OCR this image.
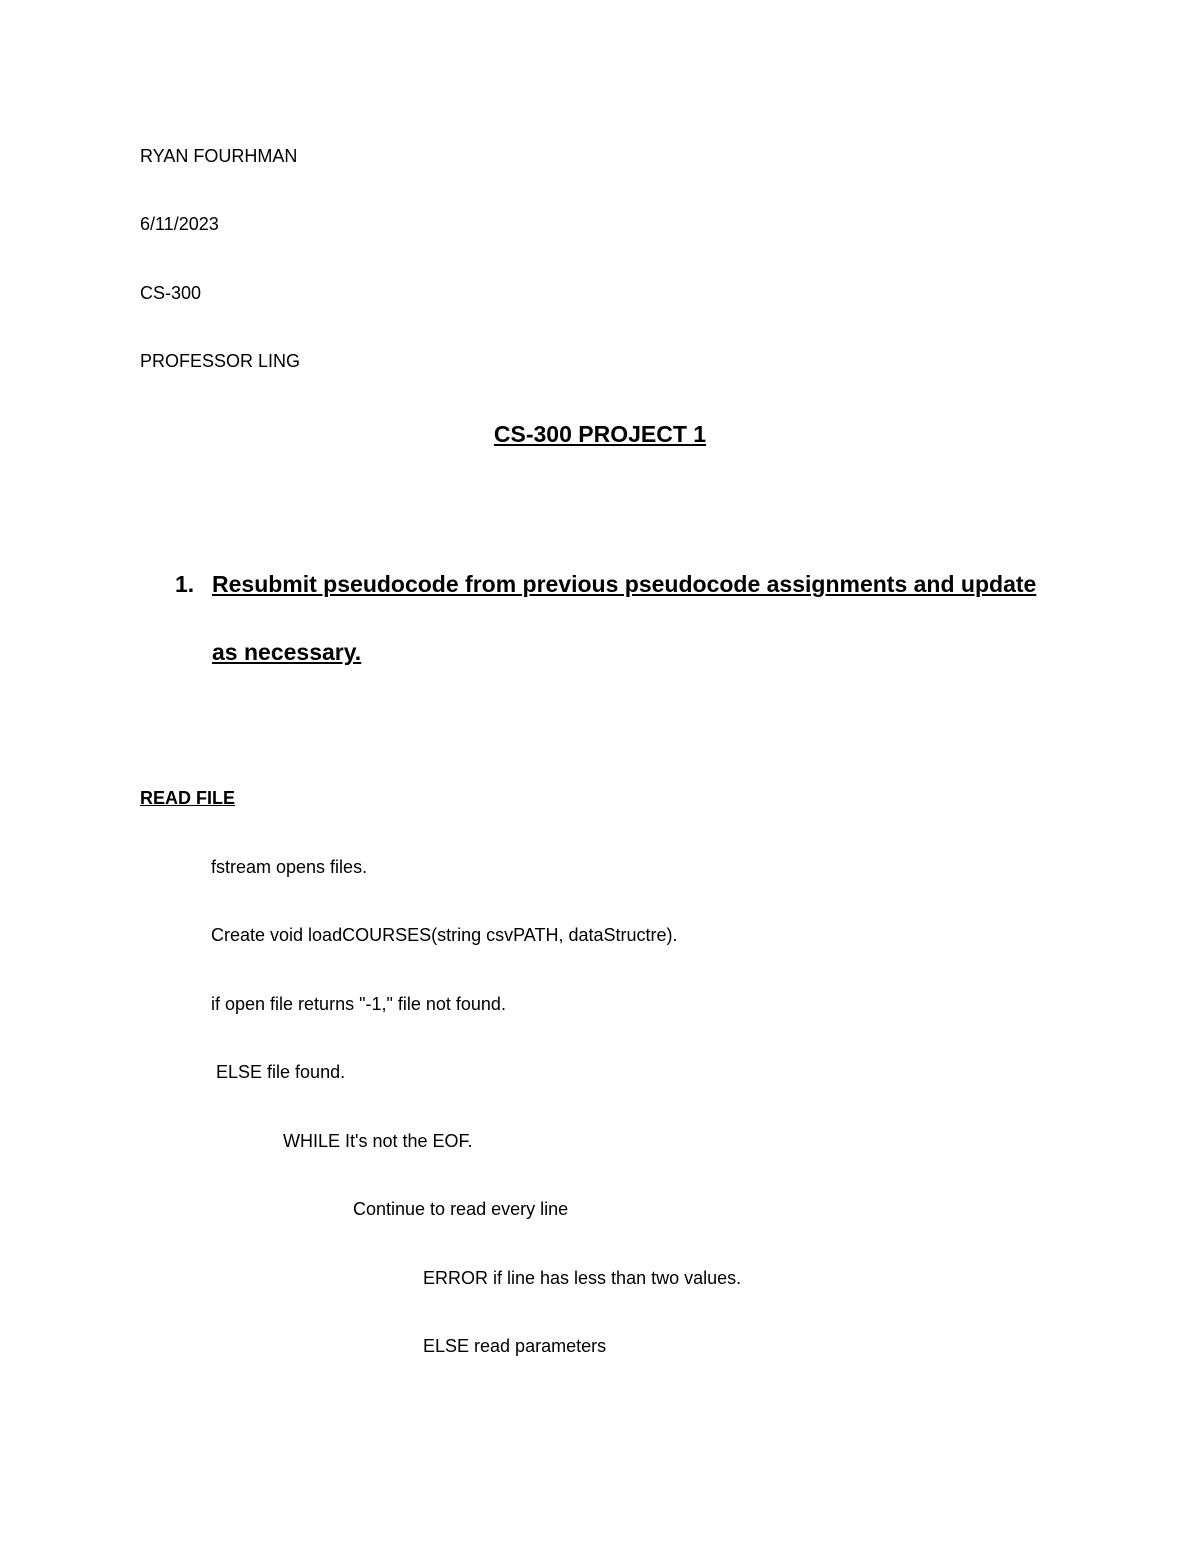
RYAN FOURHMAN
6/11/2023
CS-300
PROFESSOR LING
CS-300 PROJECT 1
1. Resubmit pseudocode from previous pseudocode assignments and update
as necessary.
READ FILE
fstream opens files.
Create void loadCOURSES(string csvPATH, dataStructre).
if open file returns "-1," file not found.
ELSE file found.
WHILE It's not the EOF.
Continue to read every line
ERROR if line has less than two values.
ELSE read parameters
